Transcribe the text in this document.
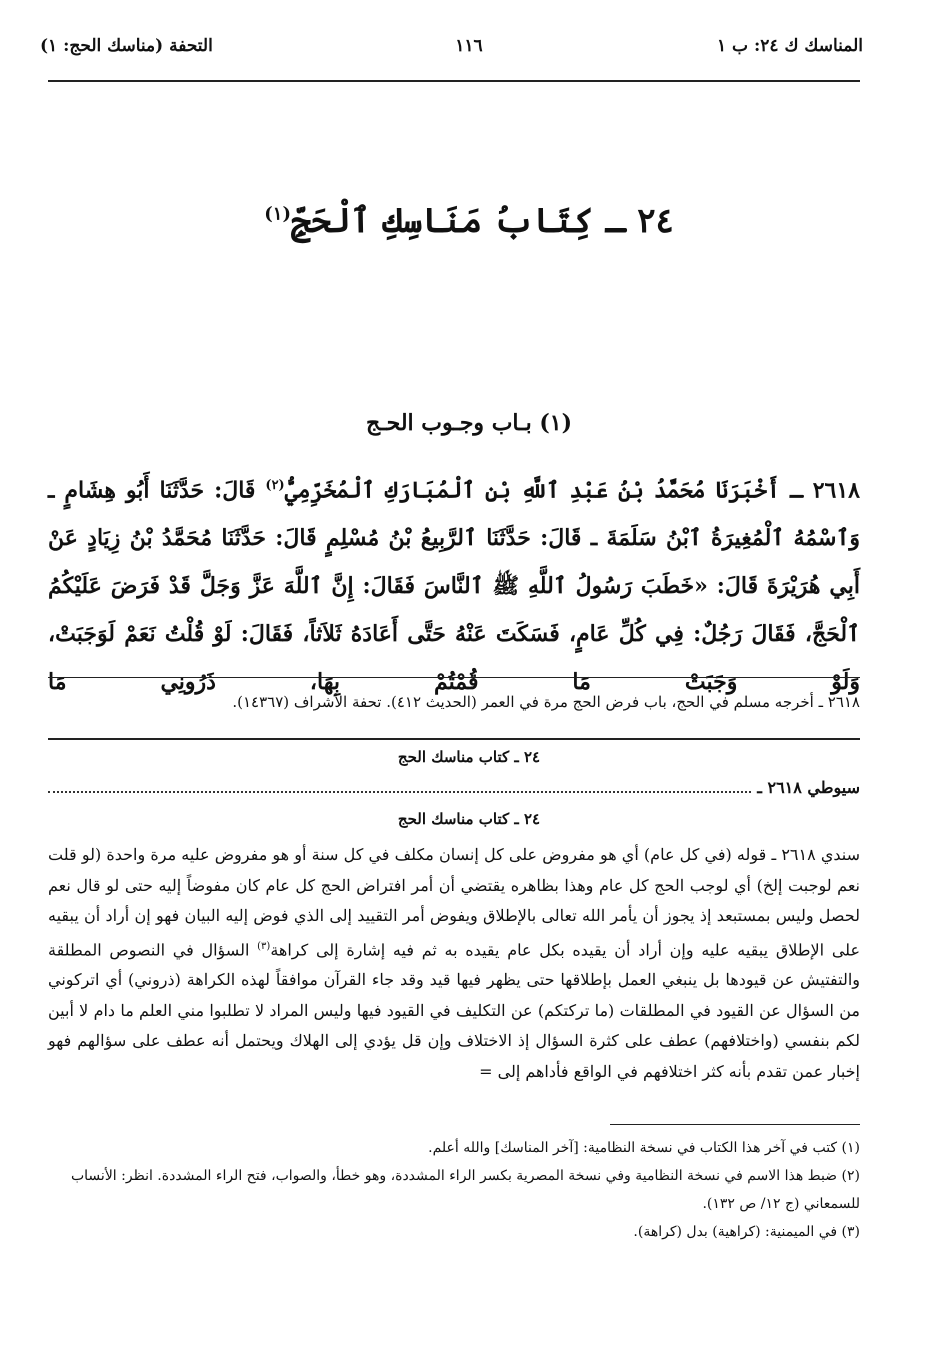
المناسك ك ٢٤: ب ١
١١٦
التحفة (مناسك الحج: ١)
٢٤ ـ كِتَابُ مَنَاسِكِ ٱلْحَجِّ$^{(١)}$
(١) بـاب وجـوب الحـج
٢٦١٨ ـ أَخْبَرَنَا مُحَمَّدُ بْنُ عَبْدِ ٱللَّهِ بْنِ ٱلْمُبَارَكِ ٱلْمُخَرِّمِيُّ$^{(٢)}$ قَالَ: حَدَّثَنَا أَبُو هِشَامٍ ـ وَٱسْمُهُ ٱلْمُغِيرَةُ ٱبْنُ سَلَمَةَ ـ قَالَ: حَدَّثَنَا ٱلرَّبِيعُ بْنُ مُسْلِمٍ قَالَ: حَدَّثَنَا مُحَمَّدُ بْنُ زِيَادٍ عَنْ أَبِي هُرَيْرَةَ قَالَ: «خَطَبَ رَسُولُ ٱللَّهِ ﷺ ٱلنَّاسَ فَقَالَ: إِنَّ ٱللَّهَ عَزَّ وَجَلَّ قَدْ فَرَضَ عَلَيْكُمُ ٱلْحَجَّ، فَقَالَ رَجُلٌ: فِي كُلِّ عَامٍ، فَسَكَتَ عَنْهُ حَتَّى أَعَادَهُ ثَلاَثاً، فَقَالَ: لَوْ قُلْتُ نَعَمْ لَوَجَبَتْ، وَلَوْ وَجَبَتْ مَا قُمْتُمْ بِهَا، ذَرُونِي مَا
٢٦١٨ ـ أخرجه مسلم في الحج، باب فرض الحج مرة في العمر (الحديث ٤١٢). تحفة الأشراف (١٤٣٦٧).
٢٤ ـ كتاب مناسك الحج
سيوطي ٢٦١٨ ـ
٢٤ ـ كتاب مناسك الحج
سندي ٢٦١٨ ـ قوله (في كل عام) أي هو مفروض على كل إنسان مكلف في كل سنة أو هو مفروض عليه مرة واحدة (لو قلت نعم لوجبت إلخ) أي لوجب الحج كل عام وهذا بظاهره يقتضي أن أمر افتراض الحج كل عام كان مفوضاً إليه حتى لو قال نعم لحصل وليس بمستبعد إذ يجوز أن يأمر الله تعالى بالإطلاق ويفوض أمر التقييد إلى الذي فوض إليه البيان فهو إن أراد أن يبقيه على الإطلاق يبقيه عليه وإن أراد أن يقيده بكل عام يقيده به ثم فيه إشارة إلى كراهة$^{(٣)}$ السؤال في النصوص المطلقة والتفتيش عن قيودها بل ينبغي العمل بإطلاقها حتى يظهر فيها قيد وقد جاء القرآن موافقاً لهذه الكراهة (ذروني) أي اتركوني من السؤال عن القيود في المطلقات (ما تركتكم) عن التكليف في القيود فيها وليس المراد لا تطلبوا مني العلم ما دام لا أبين لكم بنفسي (واختلافهم) عطف على كثرة السؤال إذ الاختلاف وإن قل يؤدي إلى الهلاك ويحتمل أنه عطف على سؤالهم فهو إخبار عمن تقدم بأنه كثر اختلافهم في الواقع فأداهم إلى =

(١) كتب في آخر هذا الكتاب في نسخة النظامية: [آخر المناسك] والله أعلم.

(٢) ضبط هذا الاسم في نسخة النظامية وفي نسخة المصرية بكسر الراء المشددة، وهو خطأ، والصواب، فتح الراء المشددة. انظر: الأنساب للسمعاني (ج ١٢/ ص ١٣٢).

(٣) في الميمنية: (كراهية) بدل (كراهة).
